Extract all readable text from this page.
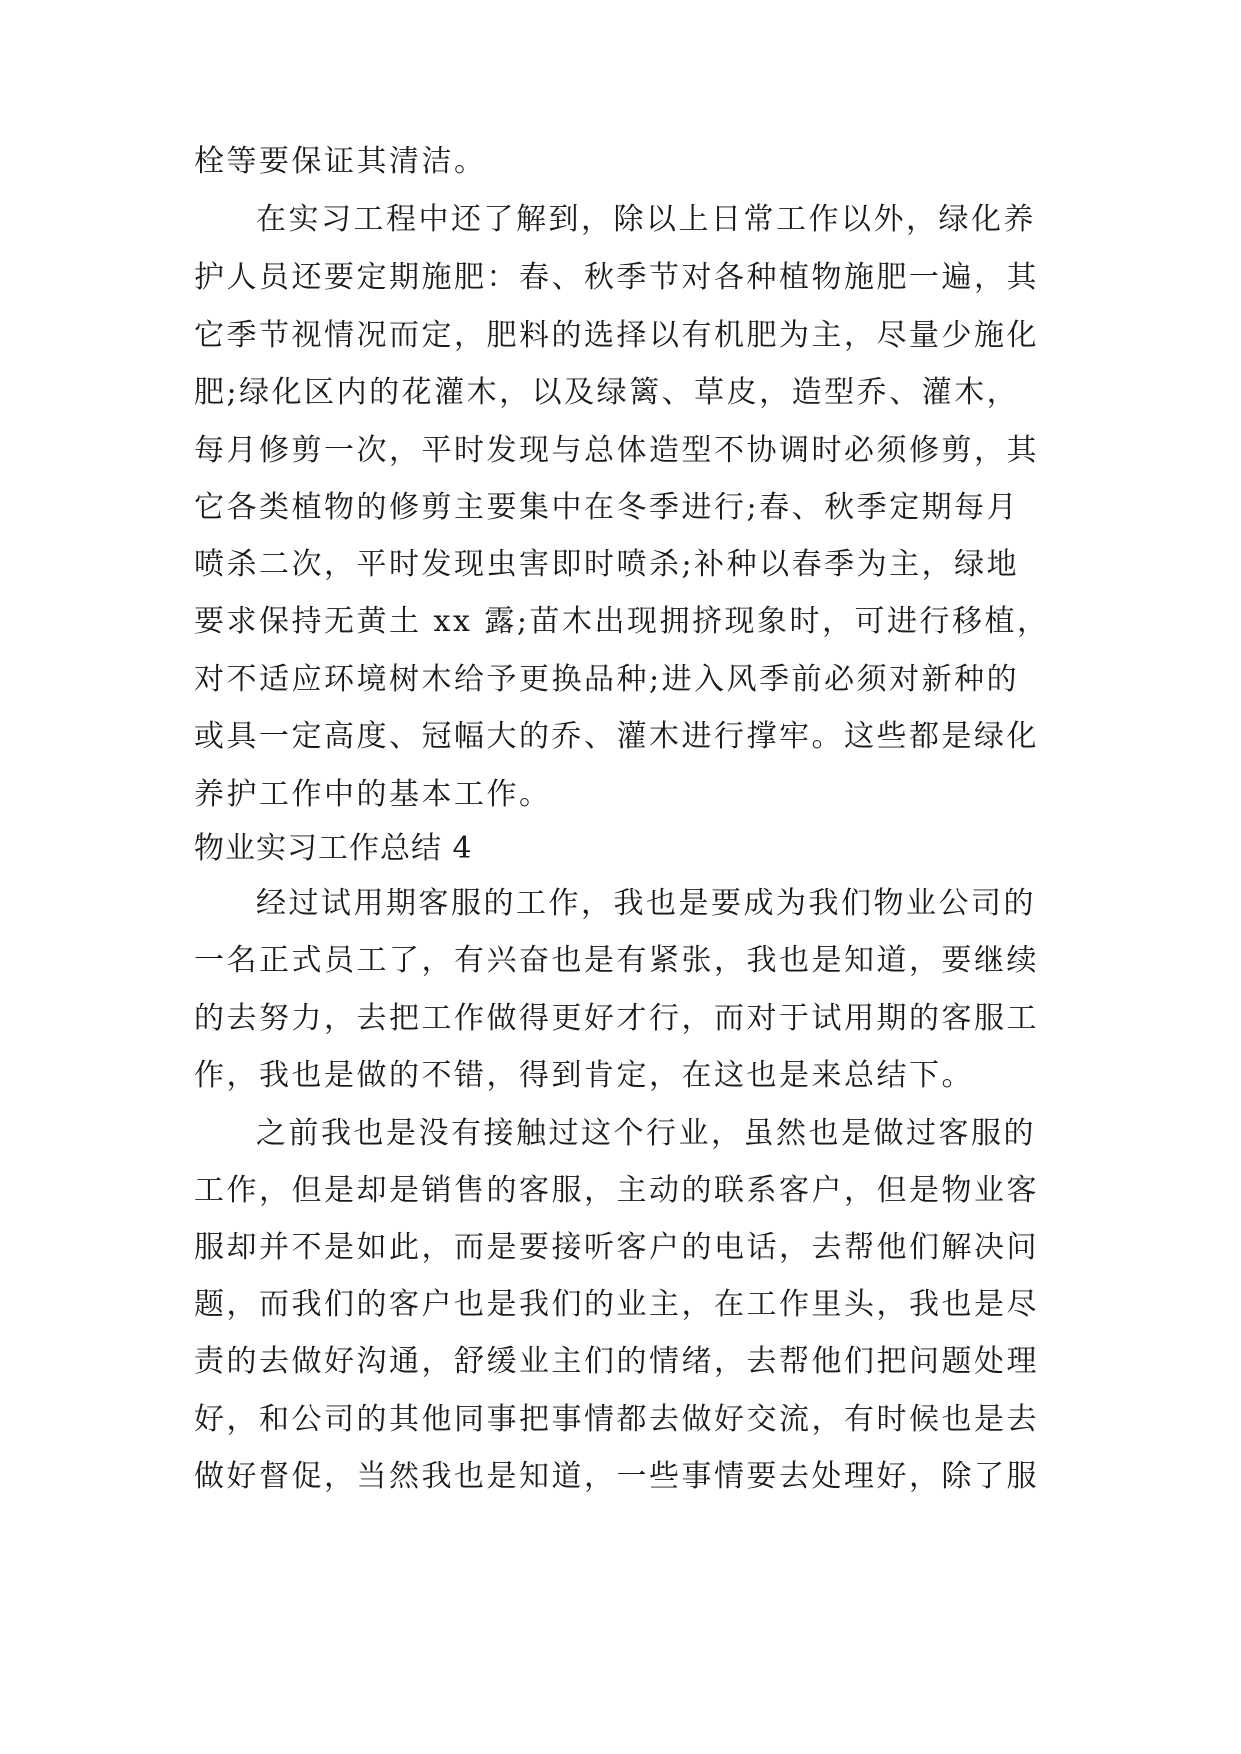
栓等要保证其清洁。
在实习工程中还了解到，除以上日常工作以外，绿化养
护人员还要定期施肥：春、秋季节对各种植物施肥一遍，其
它季节视情况而定，肥料的选择以有机肥为主，尽量少施化
肥;绿化区内的花灌木，以及绿篱、草皮，造型乔、灌木，
每月修剪一次，平时发现与总体造型不协调时必须修剪，其
它各类植物的修剪主要集中在冬季进行;春、秋季定期每月
喷杀二次，平时发现虫害即时喷杀;补种以春季为主，绿地
要求保持无黄土 xx 露;苗木出现拥挤现象时，可进行移植，
对不适应环境树木给予更换品种;进入风季前必须对新种的
或具一定高度、冠幅大的乔、灌木进行撑牢。这些都是绿化
养护工作中的基本工作。
物业实习工作总结 4
经过试用期客服的工作，我也是要成为我们物业公司的
一名正式员工了，有兴奋也是有紧张，我也是知道，要继续
的去努力，去把工作做得更好才行，而对于试用期的客服工
作，我也是做的不错，得到肯定，在这也是来总结下。
之前我也是没有接触过这个行业，虽然也是做过客服的
工作，但是却是销售的客服，主动的联系客户，但是物业客
服却并不是如此，而是要接听客户的电话，去帮他们解决问
题，而我们的客户也是我们的业主，在工作里头，我也是尽
责的去做好沟通，舒缓业主们的情绪，去帮他们把问题处理
好，和公司的其他同事把事情都去做好交流，有时候也是去
做好督促，当然我也是知道，一些事情要去处理好，除了服
